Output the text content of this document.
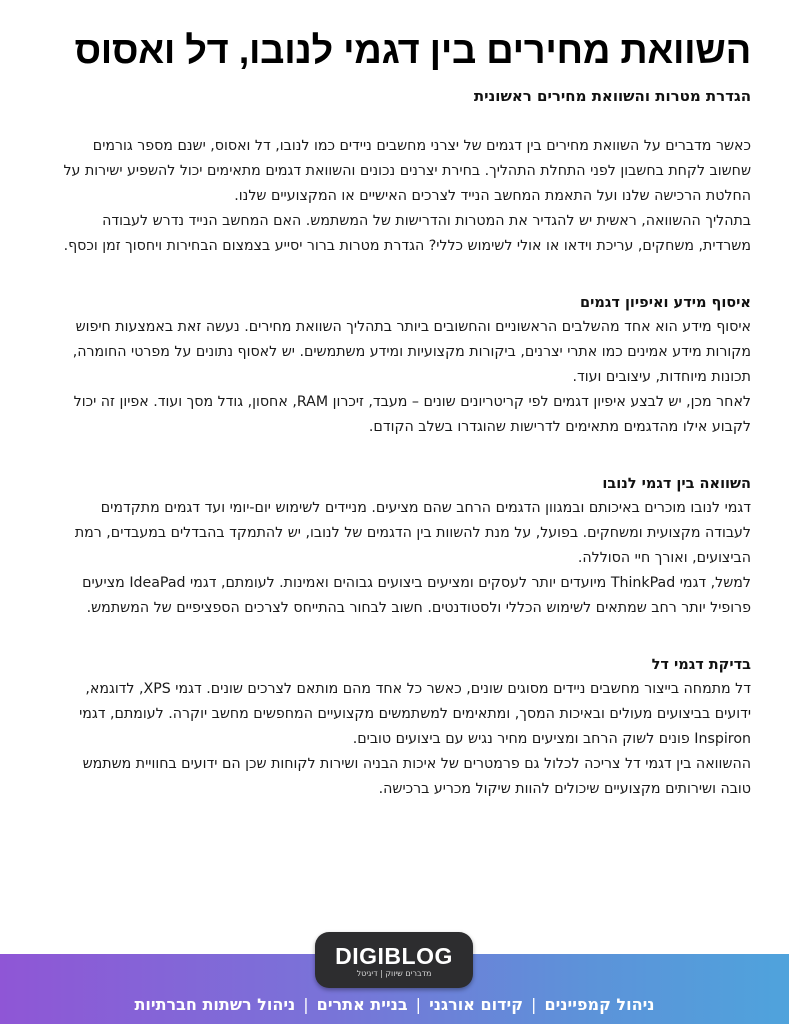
השוואת מחירים בין דגמי לנובו, דל ואסוס
הגדרת מטרות והשוואת מחירים ראשונית

כאשר מדברים על השוואת מחירים בין דגמים של יצרני מחשבים ניידים כמו לנובו, דל ואסוס, ישנם מספר גורמים שחשוב לקחת בחשבון לפני התחלת התהליך. בחירת יצרנים נכונים והשוואת דגמים מתאימים יכול להשפיע ישירות על החלטת הרכישה שלנו ועל התאמת המחשב הנייד לצרכים האישיים או המקצועיים שלנו.

בתהליך ההשוואה, ראשית יש להגדיר את המטרות והדרישות של המשתמש. האם המחשב הנייד נדרש לעבודה משרדית, משחקים, עריכת וידאו או אולי לשימוש כללי? הגדרת מטרות ברור יסייע בצמצום הבחירות ויחסוך זמן וכסף.

איסוף מידע ואיפיון דגמים

איסוף מידע הוא אחד מהשלבים הראשוניים והחשובים ביותר בתהליך השוואת מחירים. נעשה זאת באמצעות חיפוש מקורות מידע אמינים כמו אתרי יצרנים, ביקורות מקצועיות ומידע משתמשים. יש לאסוף נתונים על מפרטי החומרה, תכונות מיוחדות, עיצובים ועוד.

לאחר מכן, יש לבצע איפיון דגמים לפי קריטריונים שונים – מעבד, זיכרון RAM, אחסון, גודל מסך ועוד. אפיון זה יכול לקבוע אילו מהדגמים מתאימים לדרישות שהוגדרו בשלב הקודם.

השוואה בין דגמי לנובו

דגמי לנובו מוכרים באיכותם ובמגוון הדגמים הרחב שהם מציעים. מניידים לשימוש יום-יומי ועד דגמים מתקדמים לעבודה מקצועית ומשחקים. בפועל, על מנת להשוות בין הדגמים של לנובו, יש להתמקד בהבדלים במעבדים, רמת הביצועים, ואורך חיי הסוללה.

למשל, דגמי ThinkPad מיועדים יותר לעסקים ומציעים ביצועים גבוהים ואמינות. לעומתם, דגמי IdeaPad מציעים פרופיל יותר רחב שמתאים לשימוש הכללי ולסטודנטים. חשוב לבחור בהתייחס לצרכים הספציפיים של המשתמש.

בדיקת דגמי דל

דל מתמחה בייצור מחשבים ניידים מסוגים שונים, כאשר כל אחד מהם מותאם לצרכים שונים. דגמי XPS, לדוגמא, ידועים בביצועים מעולים ובאיכות המסך, ומתאימים למשתמשים מקצועיים המחפשים מחשב יוקרה. לעומתם, דגמי Inspiron פונים לשוק הרחב ומציעים מחיר נגיש עם ביצועים טובים.

ההשוואה בין דגמי דל צריכה לכלול גם פרמטרים של איכות הבניה ושירות לקוחות שכן הם ידועים בחוויית משתמש טובה ושירותים מקצועיים שיכולים להוות שיקול מכריע ברכישה.

ניהול קמפיינים|קידום אורגני|בניית אתרים|ניהול רשתות חברתיות
DIGIBLOG
מדברים שיווק | דיגיטל
